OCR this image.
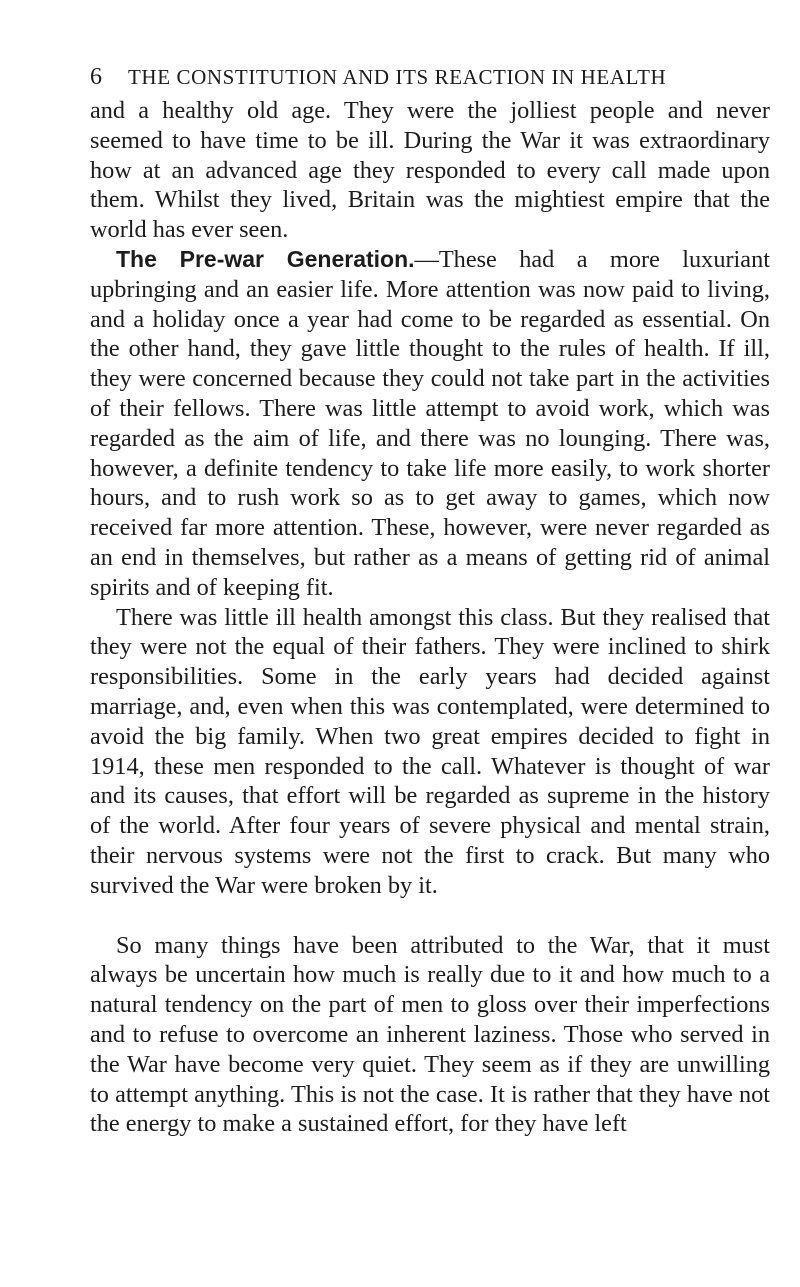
6 THE CONSTITUTION AND ITS REACTION IN HEALTH

and a healthy old age. They were the jolliest people and never seemed to have time to be ill. During the War it was extraordinary how at an advanced age they responded to every call made upon them. Whilst they lived, Britain was the mightiest empire that the world has ever seen.

The Pre-war Generation.—These had a more luxuriant upbringing and an easier life. More attention was now paid to living, and a holiday once a year had come to be regarded as essential. On the other hand, they gave little thought to the rules of health. If ill, they were concerned because they could not take part in the activities of their fellows. There was little attempt to avoid work, which was regarded as the aim of life, and there was no lounging. There was, however, a definite tendency to take life more easily, to work shorter hours, and to rush work so as to get away to games, which now received far more attention. These, however, were never regarded as an end in themselves, but rather as a means of getting rid of animal spirits and of keeping fit.

There was little ill health amongst this class. But they realised that they were not the equal of their fathers. They were inclined to shirk responsibilities. Some in the early years had decided against marriage, and, even when this was contemplated, were determined to avoid the big family. When two great empires decided to fight in 1914, these men responded to the call. Whatever is thought of war and its causes, that effort will be regarded as supreme in the history of the world. After four years of severe physical and mental strain, their nervous systems were not the first to crack. But many who survived the War were broken by it.

So many things have been attributed to the War, that it must always be uncertain how much is really due to it and how much to a natural tendency on the part of men to gloss over their imperfections and to refuse to overcome an inherent laziness. Those who served in the War have become very quiet. They seem as if they are unwilling to attempt anything. This is not the case. It is rather that they have not the energy to make a sustained effort, for they have left
